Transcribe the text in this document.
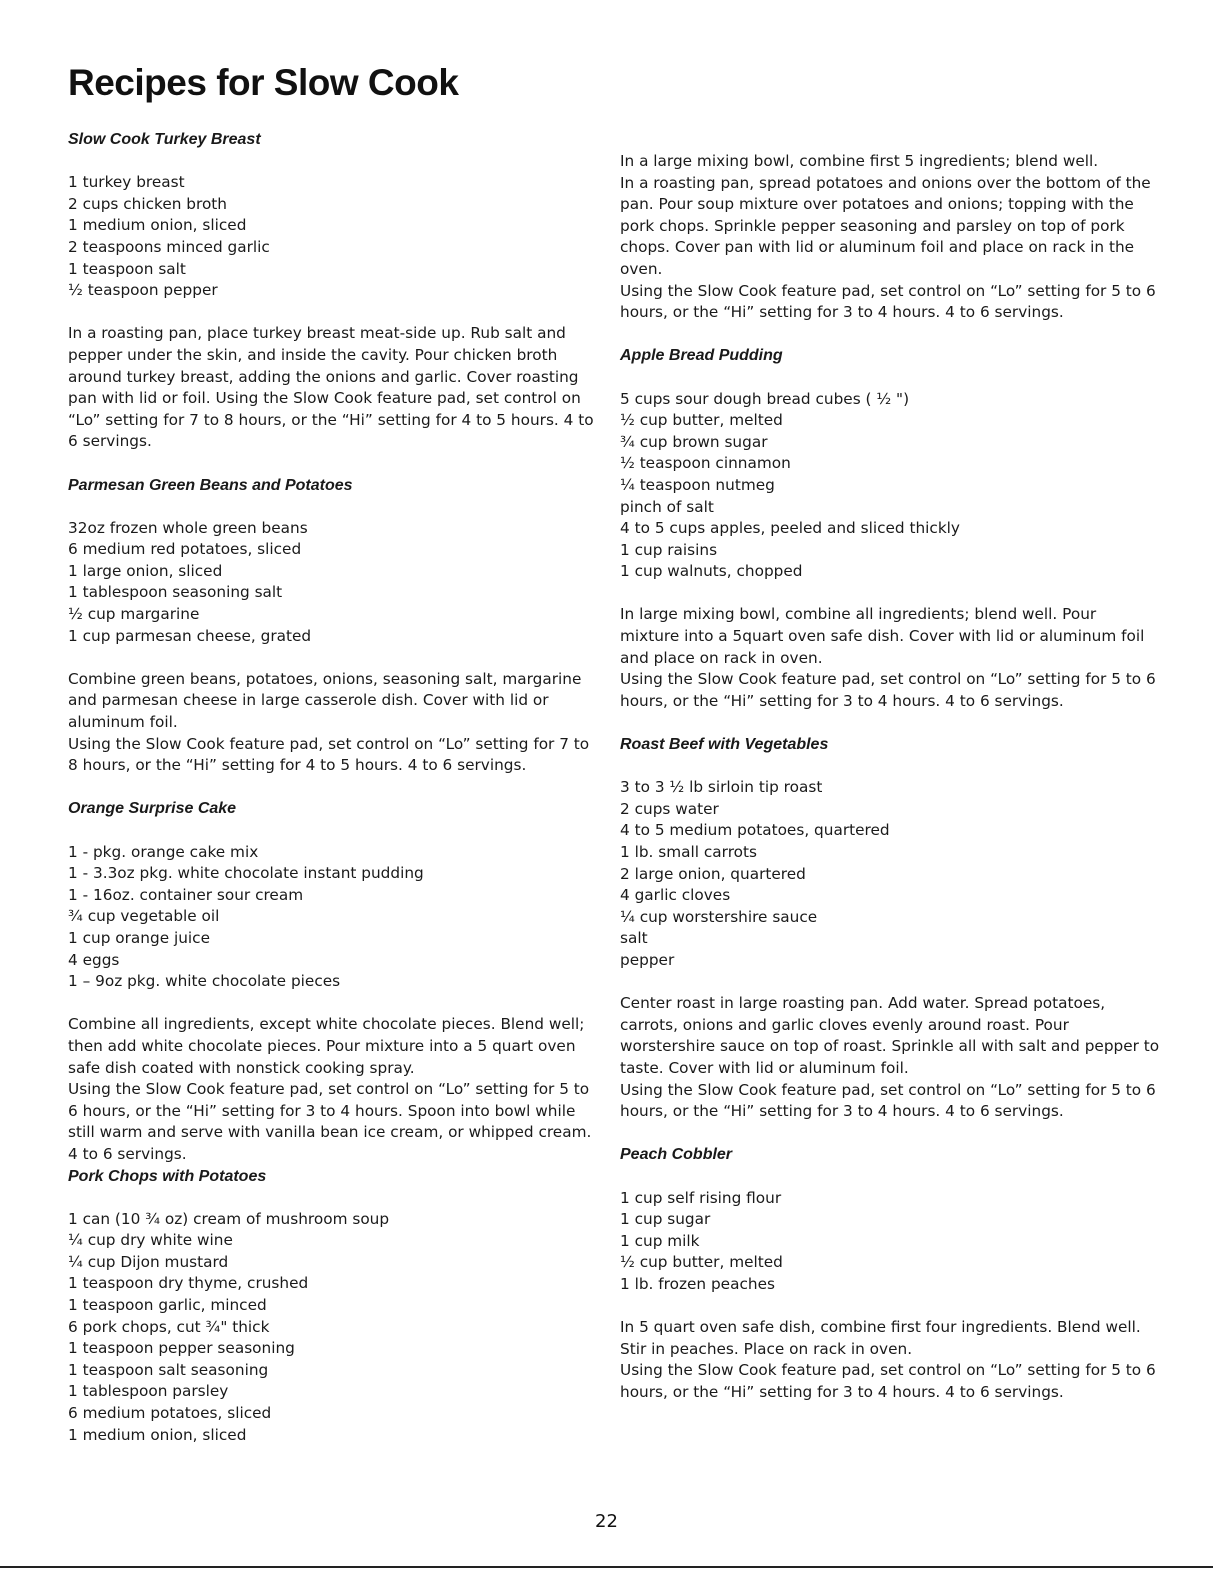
Recipes for Slow Cook
Slow Cook Turkey Breast
1 turkey breast
2 cups chicken broth
1 medium onion, sliced
2 teaspoons minced garlic
1 teaspoon salt
½ teaspoon pepper

In a roasting pan, place turkey breast meat-side up. Rub salt and pepper under the skin, and inside the cavity. Pour chicken broth around turkey breast, adding the onions and garlic. Cover roasting pan with lid or foil. Using the Slow Cook feature pad, set control on “Lo” setting for 7 to 8 hours, or the “Hi” setting for 4 to 5 hours. 4 to 6 servings.

Parmesan Green Beans and Potatoes
32oz frozen whole green beans
6 medium red potatoes, sliced
1 large onion, sliced
1 tablespoon seasoning salt
½ cup margarine
1 cup parmesan cheese, grated

Combine green beans, potatoes, onions, seasoning salt, margarine and parmesan cheese in large casserole dish. Cover with lid or aluminum foil.

Using the Slow Cook feature pad, set control on “Lo” setting for 7 to 8 hours, or the “Hi” setting for 4 to 5 hours. 4 to 6 servings.

Orange Surprise Cake
1 - pkg. orange cake mix
1 - 3.3oz pkg. white chocolate instant pudding
1 - 16oz. container sour cream
¾ cup vegetable oil
1 cup orange juice
4 eggs
1 – 9oz pkg. white chocolate pieces

Combine all ingredients, except white chocolate pieces. Blend well; then add white chocolate pieces. Pour mixture into a 5 quart oven safe dish coated with nonstick cooking spray.

Using the Slow Cook feature pad, set control on “Lo” setting for 5 to 6 hours, or the “Hi” setting for 3 to 4 hours. Spoon into bowl while still warm and serve with vanilla bean ice cream, or whipped cream.

4 to 6 servings.

Pork Chops with Potatoes
1 can (10 ¾ oz) cream of mushroom soup
¼ cup dry white wine
¼ cup Dijon mustard
1 teaspoon dry thyme, crushed
1 teaspoon garlic, minced
6 pork chops, cut ¾" thick
1 teaspoon pepper seasoning
1 teaspoon salt seasoning
1 tablespoon parsley
6 medium potatoes, sliced
1 medium onion, sliced

In a large mixing bowl, combine first 5 ingredients; blend well.

In a roasting pan, spread potatoes and onions over the bottom of the pan. Pour soup mixture over potatoes and onions; topping with the pork chops. Sprinkle pepper seasoning and parsley on top of pork chops. Cover pan with lid or aluminum foil and place on rack in the oven.

Using the Slow Cook feature pad, set control on “Lo” setting for 5 to 6 hours, or the “Hi” setting for 3 to 4 hours. 4 to 6 servings.

Apple Bread Pudding
5 cups sour dough bread cubes ( ½ ")
½ cup butter, melted
¾ cup brown sugar
½ teaspoon cinnamon
¼ teaspoon nutmeg
pinch of salt
4 to 5 cups apples, peeled and sliced thickly
1 cup raisins
1 cup walnuts, chopped

In large mixing bowl, combine all ingredients; blend well. Pour mixture into a 5quart oven safe dish. Cover with lid or aluminum foil and place on rack in oven.

Using the Slow Cook feature pad, set control on “Lo” setting for 5 to 6 hours, or the “Hi” setting for 3 to 4 hours. 4 to 6 servings.

Roast Beef with Vegetables
3 to 3 ½ lb sirloin tip roast
2 cups water
4 to 5 medium potatoes, quartered
1 lb. small carrots
2 large onion, quartered
4 garlic cloves
¼ cup worstershire sauce
salt
pepper

Center roast in large roasting pan. Add water. Spread potatoes, carrots, onions and garlic cloves evenly around roast. Pour worstershire sauce on top of roast. Sprinkle all with salt and pepper to taste. Cover with lid or aluminum foil.

Using the Slow Cook feature pad, set control on “Lo” setting for 5 to 6 hours, or the “Hi” setting for 3 to 4 hours. 4 to 6 servings.

Peach Cobbler
1 cup self rising flour
1 cup sugar
1 cup milk
½ cup butter, melted
1 lb. frozen peaches

In 5 quart oven safe dish, combine first four ingredients. Blend well. Stir in peaches. Place on rack in oven.

Using the Slow Cook feature pad, set control on “Lo” setting for 5 to 6 hours, or the “Hi” setting for 3 to 4 hours. 4 to 6 servings.

22
